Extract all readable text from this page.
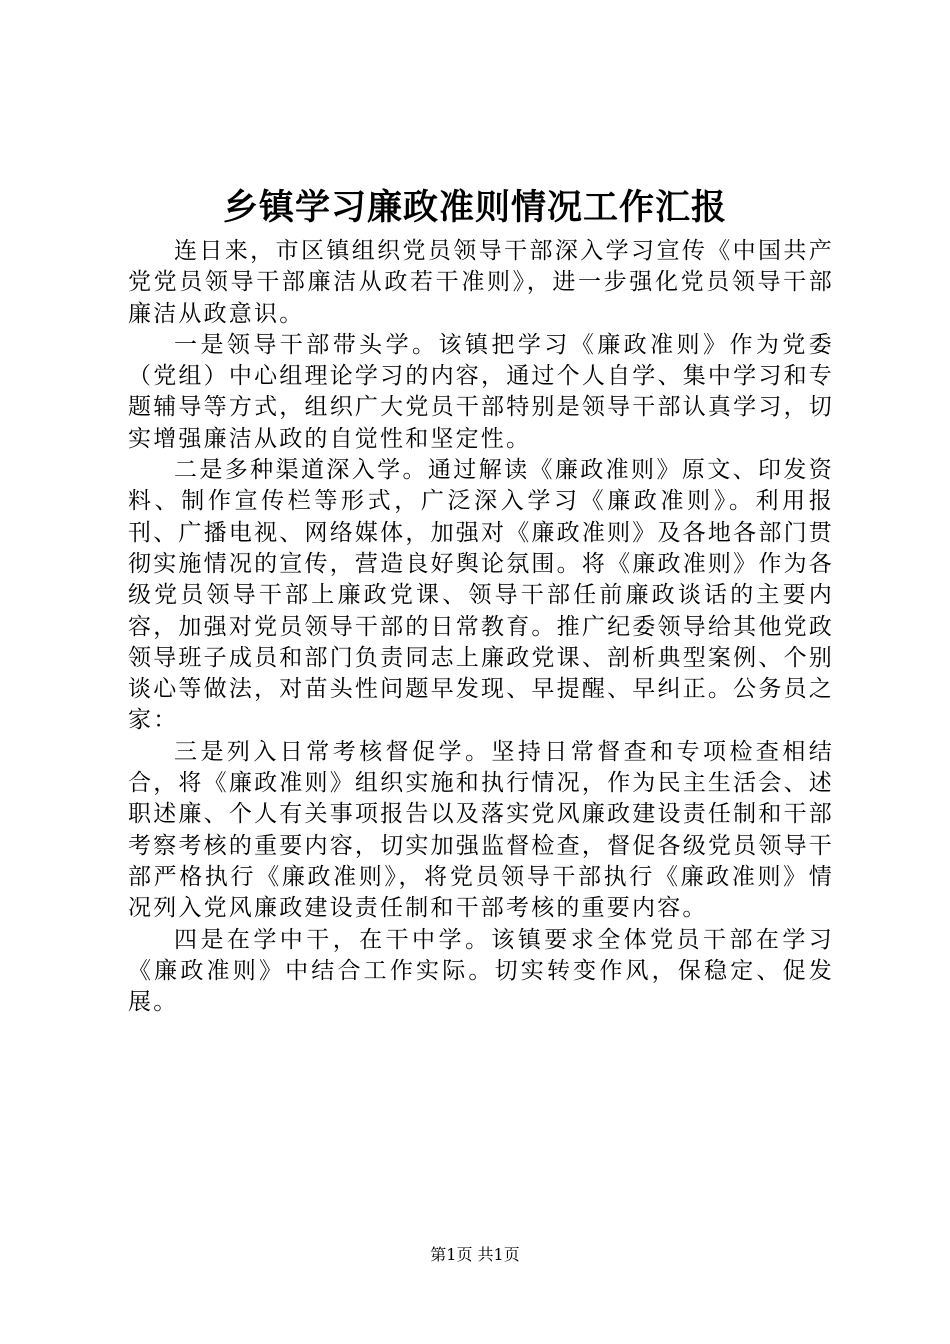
乡镇学习廉政准则情况工作汇报

连日来，市区镇组织党员领导干部深入学习宣传《中国共产党党员领导干部廉洁从政若干准则》，进一步强化党员领导干部廉洁从政意识。

一是领导干部带头学。该镇把学习《廉政准则》作为党委（党组）中心组理论学习的内容，通过个人自学、集中学习和专题辅导等方式，组织广大党员干部特别是领导干部认真学习，切实增强廉洁从政的自觉性和坚定性。

二是多种渠道深入学。通过解读《廉政准则》原文、印发资料、制作宣传栏等形式，广泛深入学习《廉政准则》。利用报刊、广播电视、网络媒体，加强对《廉政准则》及各地各部门贯彻实施情况的宣传，营造良好舆论氛围。将《廉政准则》作为各级党员领导干部上廉政党课、领导干部任前廉政谈话的主要内容，加强对党员领导干部的日常教育。推广纪委领导给其他党政领导班子成员和部门负责同志上廉政党课、剖析典型案例、个别谈心等做法，对苗头性问题早发现、早提醒、早纠正。公务员之家：

三是列入日常考核督促学。坚持日常督查和专项检查相结合，将《廉政准则》组织实施和执行情况，作为民主生活会、述职述廉、个人有关事项报告以及落实党风廉政建设责任制和干部考察考核的重要内容，切实加强监督检查，督促各级党员领导干部严格执行《廉政准则》，将党员领导干部执行《廉政准则》情况列入党风廉政建设责任制和干部考核的重要内容。

四是在学中干，在干中学。该镇要求全体党员干部在学习《廉政准则》中结合工作实际。切实转变作风，保稳定、促发展。

第1页 共1页
